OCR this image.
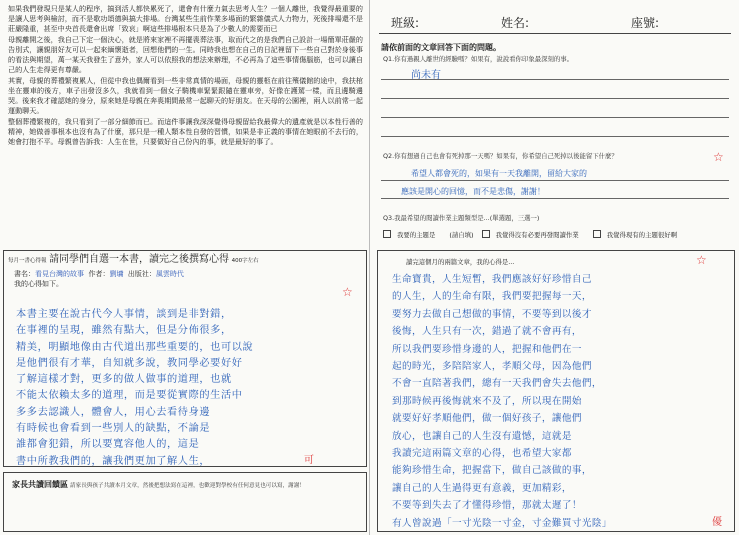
如果我們發現只是某人的程序，搞到活人都快累死了，還會有什麼力氣去思考人生？一個人離世，我覺得最重要的是讓人思考與檢討，而不是歌功頌德與搞大排場。台灣某些生前作業多場面的繁雜儀式人力物力，死後排場還不是莊嚴隆重，甚至中央首長還會出席「致哀」啊這些排場根本只是為了少數人的需要而已

母親離開之後，我自己下定一個決心，就是將來家裡不再擺喪葬法事，取而代之的是我們自己設計一場簡單莊嚴的告別式，讓親朋好友可以一起來緬懷逝者，回想他們的一生。同時我也想在自己的日記裡留下一些自己對於身後事的看法與期望，萬一某天我發生了意外，家人可以依照我的想法來辦理，不必再為了這些事情傷腦筋，也可以讓自己的人生走得更有尊嚴。

其實，母親的葬禮繁複累人，但從中我也偶爾看到一些非常真情的場面，母親的靈柩在前往殯儀館的途中，我扶棺坐在靈車的後方，車子出發沒多久，我就看到一個女子騎機車緊緊跟隨在靈車旁，好像在護駕一樣，而且邊騎邊哭。後來我才確認她的身分，原來她是母親在奔喪期間最常一起聊天的好朋友。在天母的公園裡，兩人以前常一起運動聊天。

整個葬禮繁複的，我只看到了一部分細節而已。而這件事讓我深深覺得母親留給我最偉大的遺產就是以本性行善的精神，她做善事根本也沒有為了什麼，那只是一種人類本性自發的習慣，如果是非正義的事情在她眼前不去行的，她會打抱不平。母親曾告訴我：人生在世，只要做好自己份內的事，就是最好的事了。

每月一書心得報 請同學們自選一本書，讀完之後撰寫心得 400字左右
書名：看見台灣的故事 作者：劉墉 出版社：風雲時代
我的心得如下。
☆
本書主要在說古代今人事情，談到是非對錯，
在事裡的呈現，雖然有點大，但是分佈很多，
精美，明顯地像由古代道出那些重要的，也可以說
是他們很有才華，自知就多說，教同學必要好好
了解這樣才對，更多的做人做事的道理，也就
不能太依賴太多的道理，而是要從實際的生活中
多多去認識人，體會人，用心去看待身邊
有時候也會看到一些別人的缺點，不論是
誰都會犯錯，所以要寬容他人的，這是
書中所教我們的，讓我們更加了解人生，	可
家長共讀回饋區 請家長與孩子共讀本月文章，然後把想法寫在這裡，也歡迎對學校有任何意見也可以寫，謝謝！
班級:	姓名:	座號:
請依前面的文章回答下面的問題。
Q1.你有過親人離世的經驗嗎？如果有，說說看你印象最深刻的事。
尚未有
Q2.你有想過自己也會有死掉那一天嗎？如果有，你希望自己死掉以後能留下什麼？
希望人都會死的，如果有一天我離開，留給大家的
應該是開心的回憶，而不是悲傷，謝謝！
☆
Q3.我最希望的閱讀作業主題類型是...(單選題，三選一)
我要的主題是 (請自填)	我覺得沒有必要再發閱讀作業	我覺得現有的主題很好啊
讀完這個月的兩篇文章，我的心得是...	☆
生命寶貴，人生短暫，我們應該好好珍惜自己
的人生，人的生命有限，我們要把握每一天，
要努力去做自己想做的事情，不要等到以後才
後悔，人生只有一次，錯過了就不會再有，
所以我們要珍惜身邊的人，把握和他們在一
起的時光，多陪陪家人，孝順父母，因為他們
不會一直陪著我們，總有一天我們會失去他們，
到那時候再後悔就來不及了，所以現在開始
就要好好孝順他們，做一個好孩子，讓他們
放心，也讓自己的人生沒有遺憾，這就是
我讀完這兩篇文章的心得，也希望大家都
能夠珍惜生命，把握當下，做自己該做的事，
讓自己的人生過得更有意義，更加精彩，
不要等到失去了才懂得珍惜，那就太遲了！
有人曾說過「一寸光陰一寸金，寸金難買寸光陰」	優
